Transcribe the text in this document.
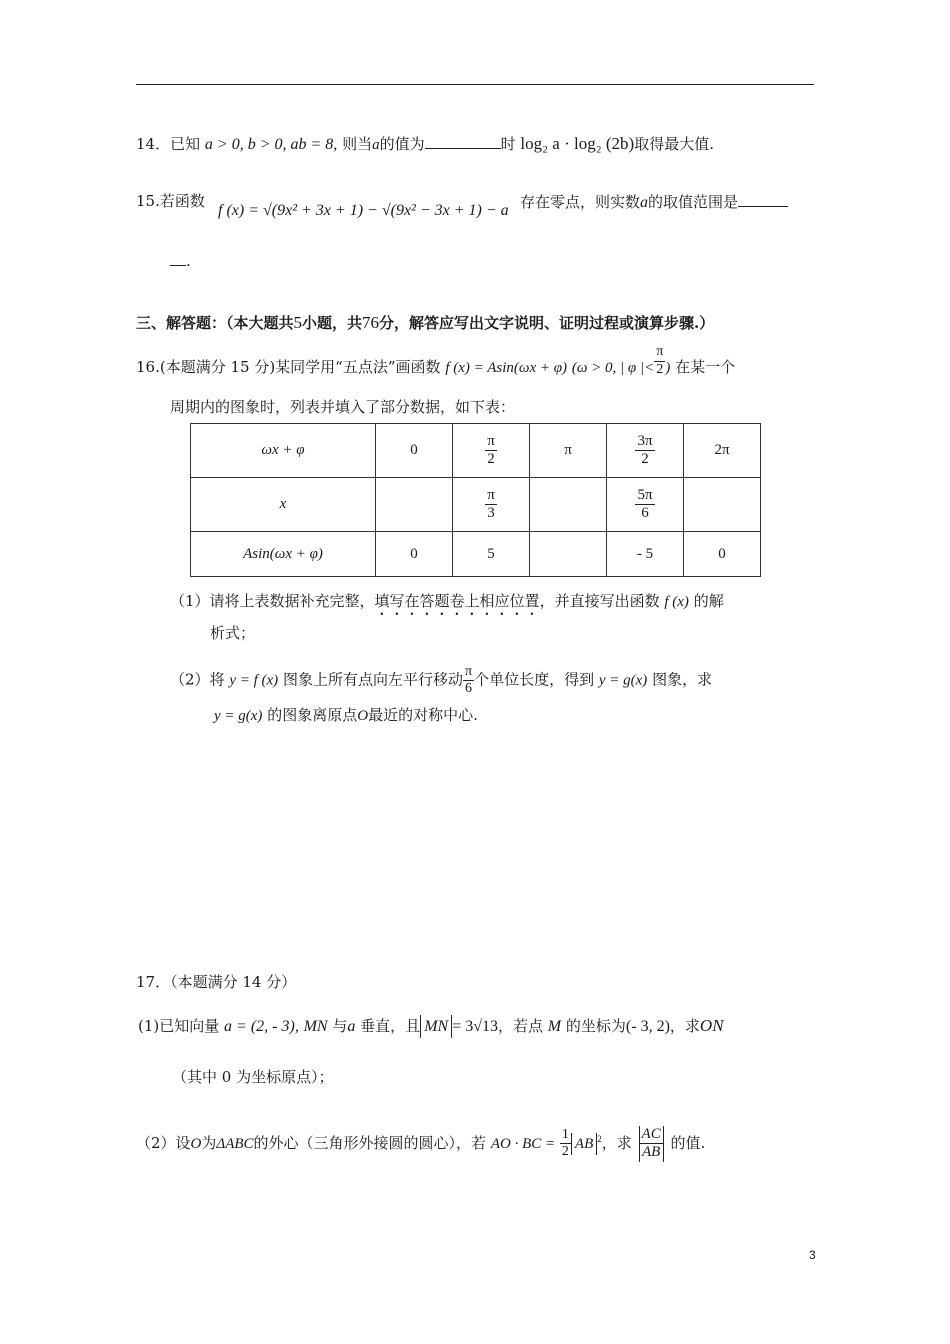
14．已知 a > 0, b > 0, ab = 8, 则当a的值为	时 log₂ a · log₂ (2b)取得最大值.
15.若函数
f (x) = √(9x² + 3x + 1) − √(9x² − 3x + 1) − a 存在零点，则实数a的取值范围是
.
三、解答题：（本大题共5小题，共76分，解答应写出文字说明、证明过程或演算步骤.）
16.(本题满分 15 分)某同学用“五点法”画函数 f (x) = Asin(ωx + φ) (ω > 0, | φ |< $\frac{\pi}{2}$ ) 在某一个
周期内的图象时，列表并填入了部分数据，如下表：
ωx + φ	0	$\frac{\pi}{2}$	π	$\frac{3\pi}{2}$	2π
x		$\frac{\pi}{3}$		$\frac{5\pi}{6}$

Asin(ωx + φ)	0	5		- 5	0
（1）请将上表数据补充完整，填写在答题卷上相应位置，并直接写出函数 f (x) 的解
析式；
（2）将 y = f (x) 图象上所有点向左平行移动 $\frac{\pi}{6}$ 个单位长度，得到 y = g(x) 图象，求
y = g(x) 的图象离原点O最近的对称中心.
17．（本题满分 14 分）
(1)已知向量 a = (2, - 3), MN 与a 垂直，且 MN = 3√13，若点 M 的坐标为(- 3, 2)，求ON
（其中 0 为坐标原点）；
（2）设O为ΔABC的外心（三角形外接圆的圆心），若 AO · BC = $\frac{1}{2}$ AB $^2$，求 $\frac{AC}{AB}$ 的值.
3
